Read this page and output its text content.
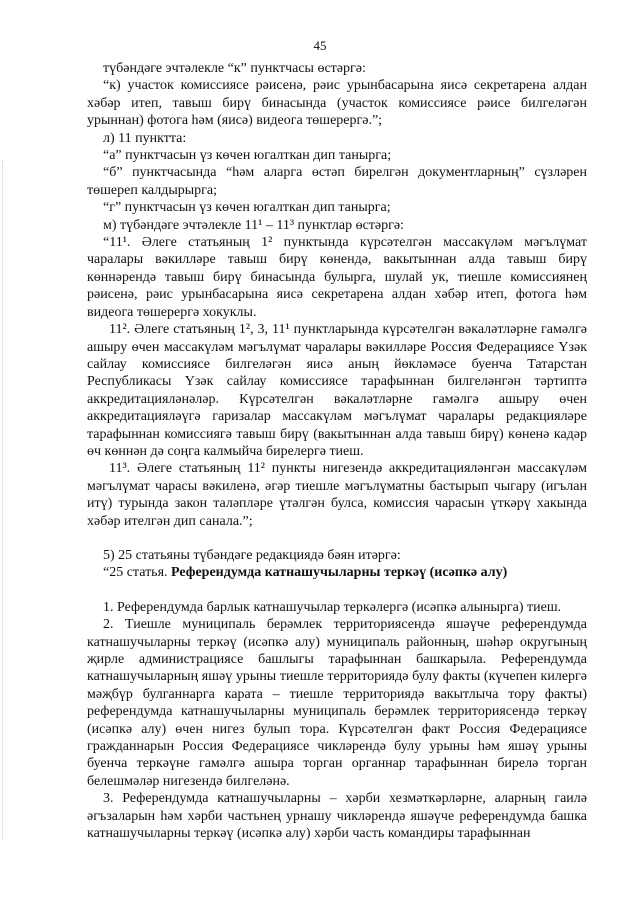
45

түбәндәге эчтәлекле “к” пунктчасы өстәргә:

“к) участок комиссиясе рәисенә, рәис урынбасарына яисә секретарена алдан хәбәр итеп, тавыш бирү бинасында (участок комиссиясе рәисе билгеләгән урыннан) фотога һәм (яисә) видеога төшерергә.”;

л) 11 пунктта:

“а” пунктчасын үз көчен югалткан дип танырга;

“б” пунктчасында “һәм аларга өстәп бирелгән документларның” сүзләрен төшереп калдырырга;

“г” пунктчасын үз көчен югалткан дип танырга;

м) түбәндәге эчтәлекле 11¹ – 11³ пунктлар өстәргә:

“11¹. Әлеге статьяның 1² пунктында күрсәтелгән массакүләм мәгълүмат чаралары вәкилләре тавыш бирү көнендә, вакытыннан алда тавыш бирү көннәрендә тавыш бирү бинасында булырга, шулай ук, тиешле комиссиянең рәисенә, рәис урынбасарына яисә секретарена алдан хәбәр итеп, фотога һәм видеога төшерергә хокуклы.

11². Әлеге статьяның 1², 3, 11¹ пунктларында күрсәтелгән вәкаләтләрне гамәлгә ашыру өчен массакүләм мәгълүмат чаралары вәкилләре Россия Федерациясе Үзәк сайлау комиссиясе билгеләгән яисә аның йөкләмәсе буенча Татарстан Республикасы Үзәк сайлау комиссиясе тарафыннан билгеләнгән тәртиптә аккредитацияләнәләр. Күрсәтелгән вәкаләтләрне гамәлгә ашыру өчен аккредитацияләүгә гаризалар массакүләм мәгълүмат чаралары редакцияләре тарафыннан комиссиягә тавыш бирү (вакытыннан алда тавыш бирү) көненә кадәр өч көннән дә соңга калмыйча бирелергә тиеш.

11³. Әлеге статьяның 11² пункты нигезендә аккредитацияләнгән массакүләм мәгълүмат чарасы вәкиленә, әгәр тиешле мәгълүматны бастырып чыгару (игълан итү) турында закон таләпләре үтәлгән булса, комиссия чарасын үткәрү хакында хәбәр ителгән дип санала.”;

5) 25 статьяны түбәндәге редакциядә бәян итәргә:

“25 статья. Референдумда катнашучыларны теркәү (исәпкә алу)

1. Референдумда барлык катнашучылар теркәлергә (исәпкә алынырга) тиеш.

2. Тиешле муниципаль берәмлек территориясендә яшәүче референдумда катнашучыларны теркәү (исәпкә алу) муниципаль районның, шәһәр округының җирле администрациясе башлыгы тарафыннан башкарыла. Референдумда катнашучыларның яшәү урыны тиешле территориядә булу факты (күчепен килергә мәҗбүр булганнарга карата – тиешле территориядә вакытлыча тору факты) референдумда катнашучыларны муниципаль берәмлек территориясендә теркәү (исәпкә алу) өчен нигез булып тора. Күрсәтелгән факт Россия Федерациясе гражданнарын Россия Федерациясе чикләрендә булу урыны һәм яшәү урыны буенча теркәүне гамәлгә ашыра торган органнар тарафыннан бирелә торган белешмәләр нигезендә билгеләнә.

3. Референдумда катнашучыларны – хәрби хезмәткәрләрне, аларның гаилә әгъзаларын һәм хәрби частьнең урнашу чикләрендә яшәүче референдумда башка катнашучыларны теркәү (исәпкә алу) хәрби часть командиры тарафыннан
